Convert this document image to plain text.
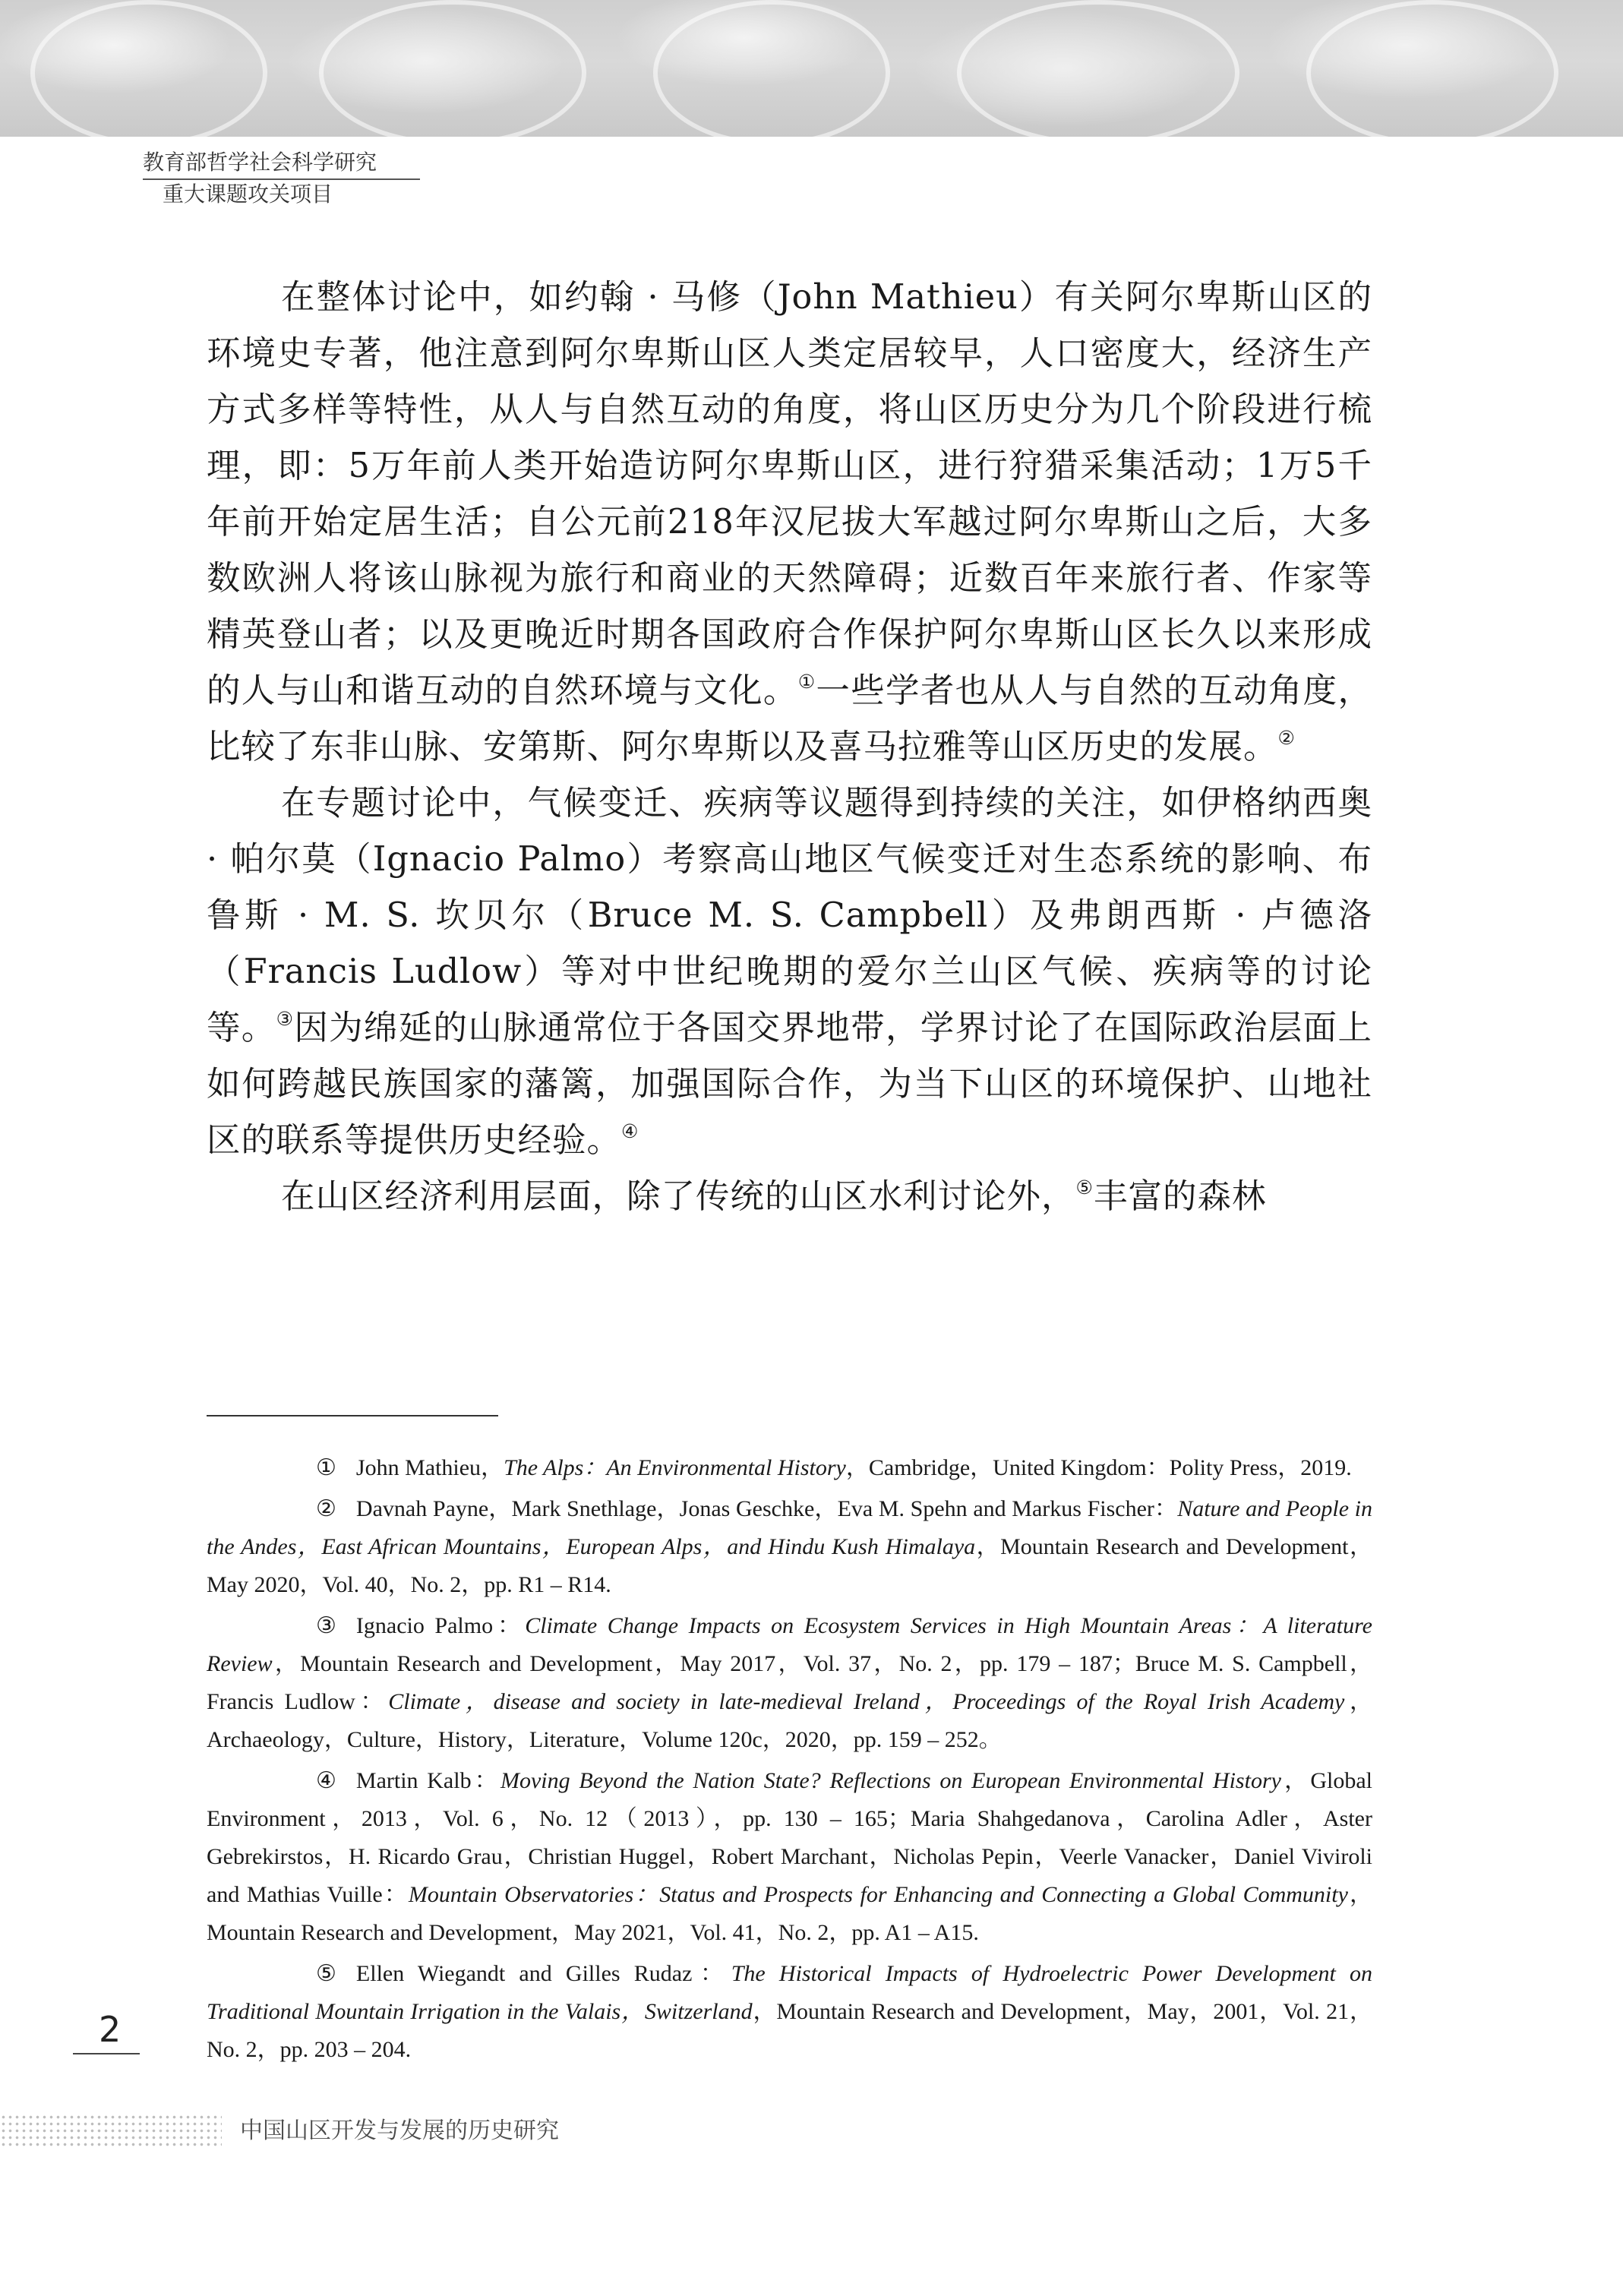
教育部哲学社会科学研究
重大课题攻关项目

在整体讨论中，如约翰 · 马修（John Mathieu）有关阿尔卑斯山区的环境史专著，他注意到阿尔卑斯山区人类定居较早，人口密度大，经济生产方式多样等特性，从人与自然互动的角度，将山区历史分为几个阶段进行梳理，即：5万年前人类开始造访阿尔卑斯山区，进行狩猎采集活动；1万5千年前开始定居生活；自公元前218年汉尼拔大军越过阿尔卑斯山之后，大多数欧洲人将该山脉视为旅行和商业的天然障碍；近数百年来旅行者、作家等精英登山者；以及更晚近时期各国政府合作保护阿尔卑斯山区长久以来形成的人与山和谐互动的自然环境与文化。①一些学者也从人与自然的互动角度，比较了东非山脉、安第斯、阿尔卑斯以及喜马拉雅等山区历史的发展。②

在专题讨论中，气候变迁、疾病等议题得到持续的关注，如伊格纳西奥 · 帕尔莫（Ignacio Palmo）考察高山地区气候变迁对生态系统的影响、布鲁斯 · M. S. 坎贝尔（Bruce M. S. Campbell）及弗朗西斯 · 卢德洛（Francis Ludlow）等对中世纪晚期的爱尔兰山区气候、疾病等的讨论等。③因为绵延的山脉通常位于各国交界地带，学界讨论了在国际政治层面上如何跨越民族国家的藩篱，加强国际合作，为当下山区的环境保护、山地社区的联系等提供历史经验。④

在山区经济利用层面，除了传统的山区水利讨论外，⑤丰富的森林

① John Mathieu，The Alps：An Environmental History，Cambridge，United Kingdom：Polity Press，2019.

② Davnah Payne，Mark Snethlage，Jonas Geschke，Eva M. Spehn and Markus Fischer：Nature and People in the Andes，East African Mountains，European Alps，and Hindu Kush Himalaya，Mountain Research and Development，May 2020，Vol. 40，No. 2，pp. R1 – R14.

③ Ignacio Palmo：Climate Change Impacts on Ecosystem Services in High Mountain Areas：A literature Review，Mountain Research and Development，May 2017，Vol. 37，No. 2，pp. 179 – 187；Bruce M. S. Campbell，Francis Ludlow：Climate，disease and society in late-medieval Ireland，Proceedings of the Royal Irish Academy，Archaeology，Culture，History，Literature，Volume 120c，2020，pp. 159 – 252。

④ Martin Kalb：Moving Beyond the Nation State? Reflections on European Environmental History，Global Environment，2013，Vol. 6，No. 12（2013），pp. 130 – 165；Maria Shahgedanova，Carolina Adler，Aster Gebrekirstos，H. Ricardo Grau，Christian Huggel，Robert Marchant，Nicholas Pepin，Veerle Vanacker，Daniel Viviroli and Mathias Vuille：Mountain Observatories：Status and Prospects for Enhancing and Connecting a Global Community，Mountain Research and Development，May 2021，Vol. 41，No. 2，pp. A1 – A15.

⑤ Ellen Wiegandt and Gilles Rudaz：The Historical Impacts of Hydroelectric Power Development on Traditional Mountain Irrigation in the Valais，Switzerland，Mountain Research and Development，May，2001，Vol. 21，No. 2，pp. 203 – 204.

2
中国山区开发与发展的历史研究
